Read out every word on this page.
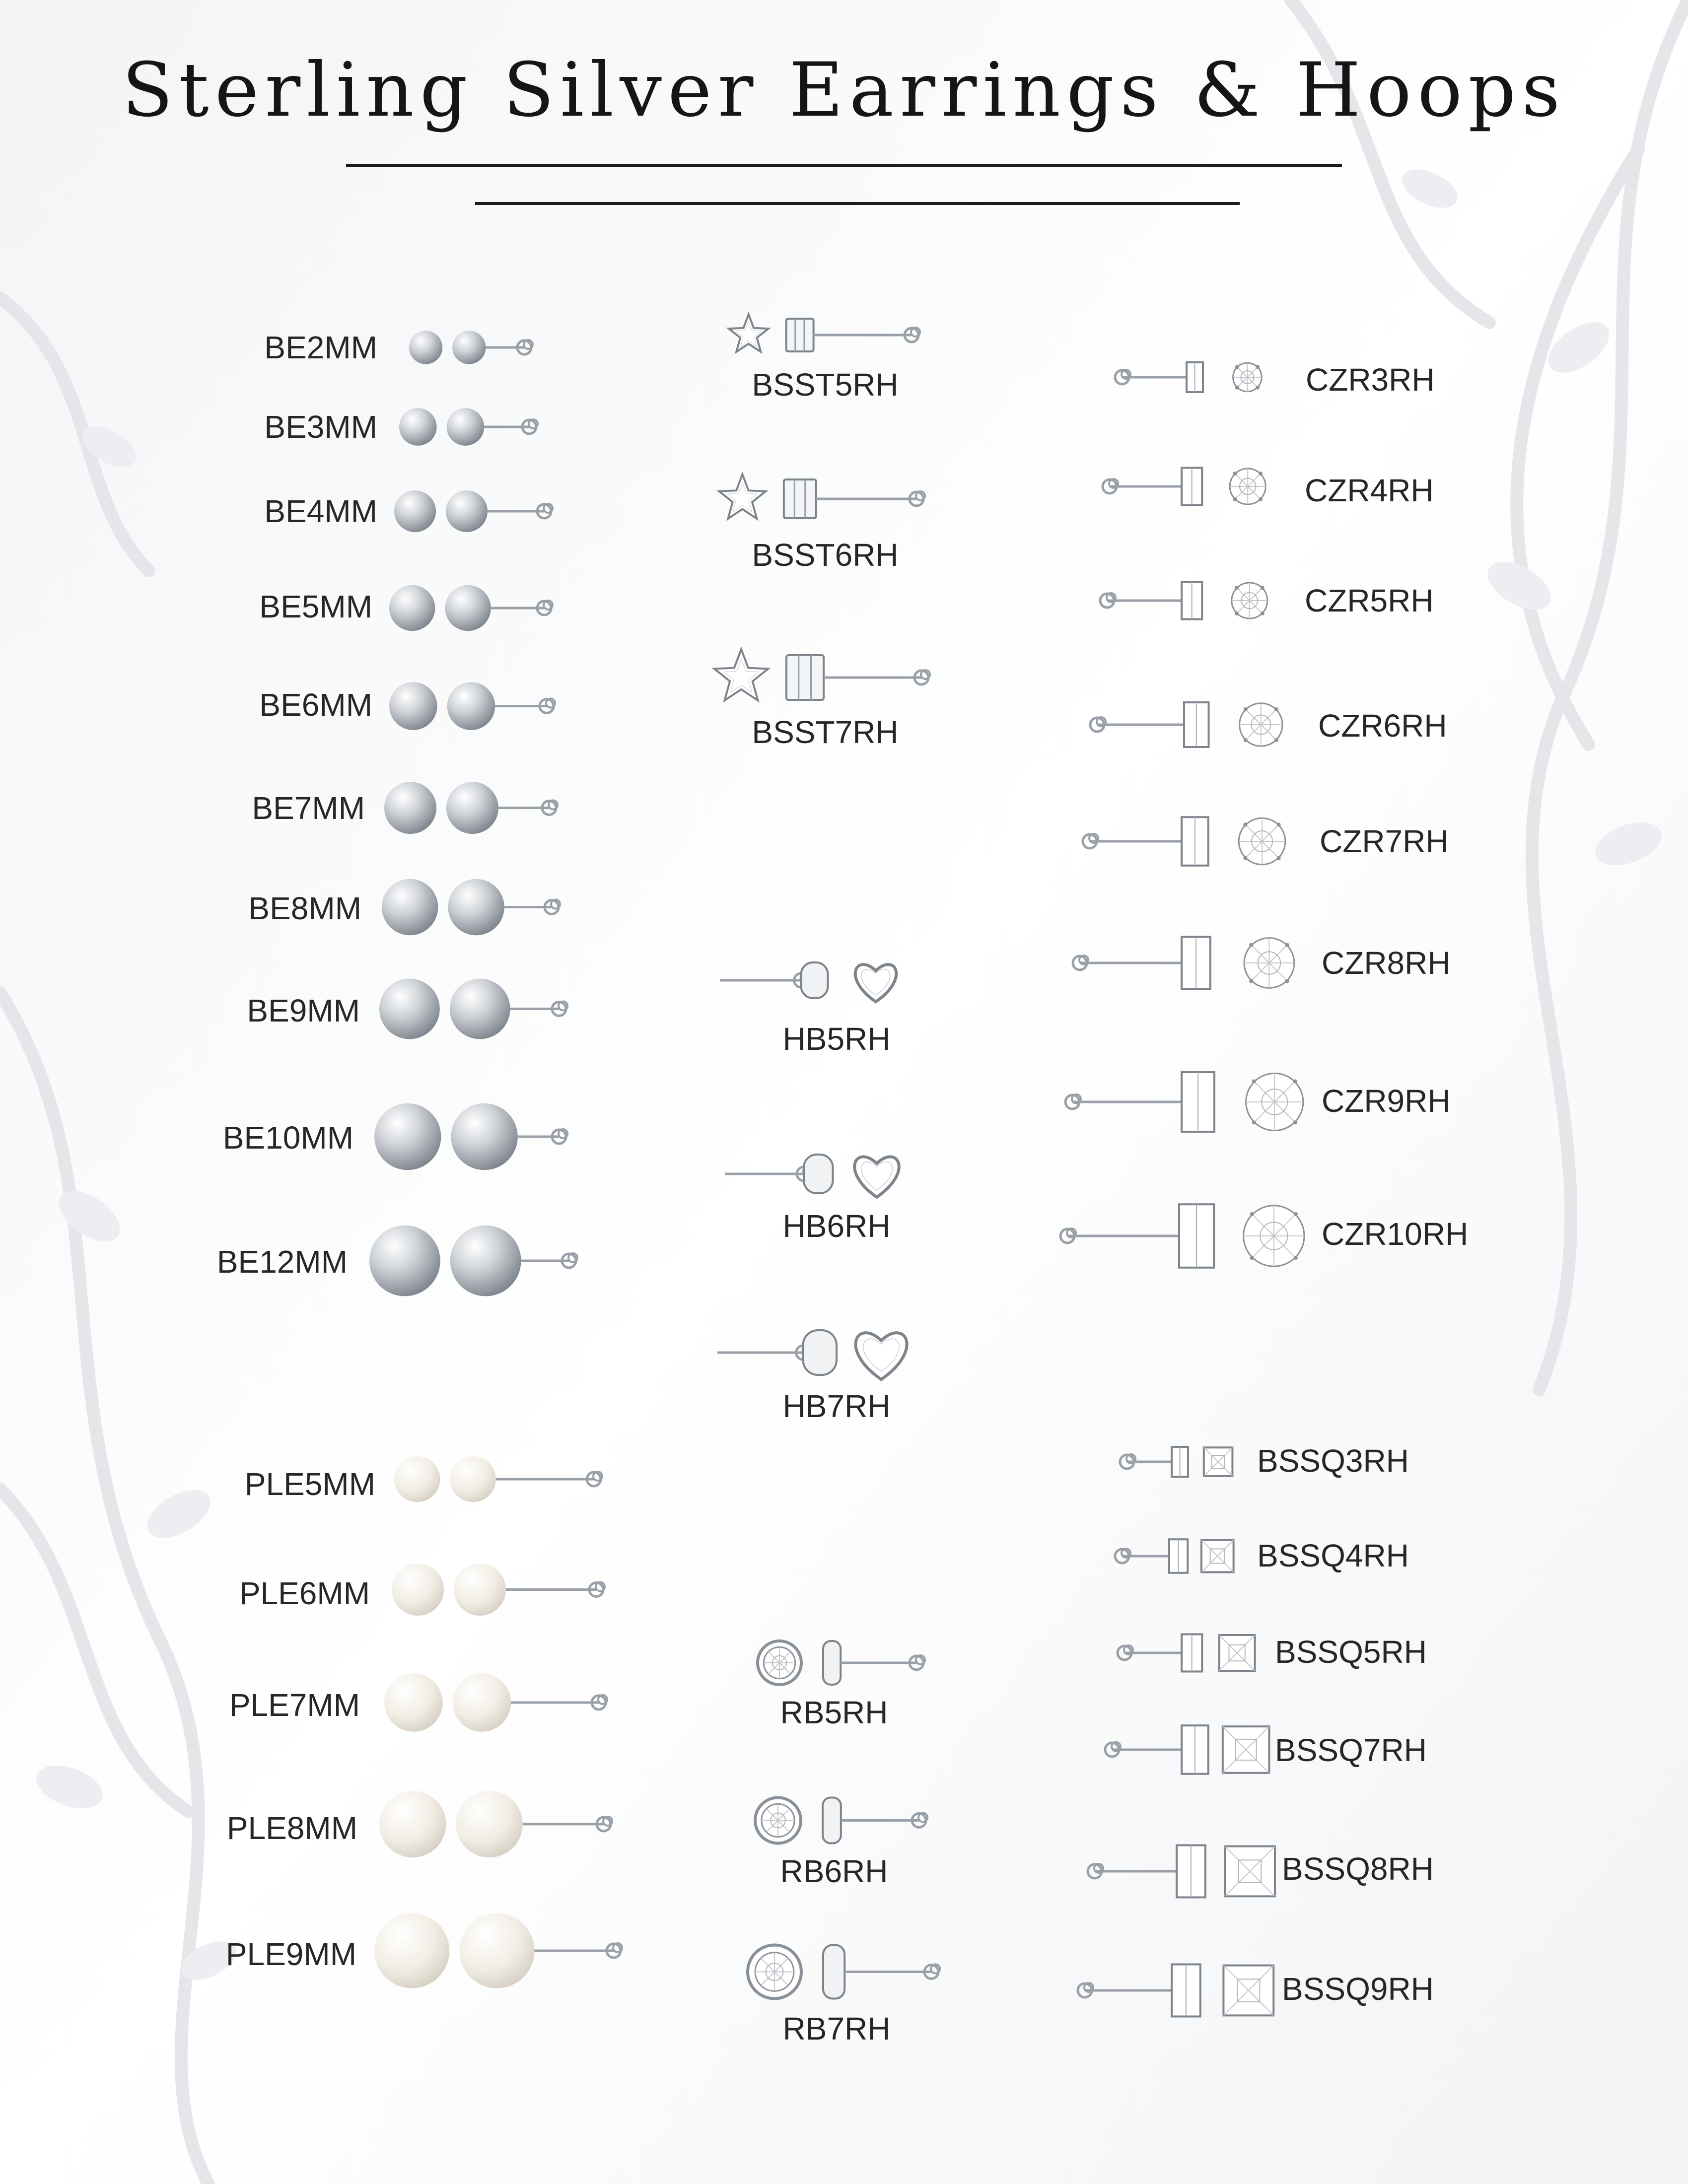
Sterling Silver Earrings & Hoops
BE2MM
BE3MM
BE4MM
BE5MM
BE6MM
BE7MM
BE8MM
BE9MM
BE10MM
BE12MM
PLE5MM
PLE6MM
PLE7MM
PLE8MM
PLE9MM
BSST5RH
BSST6RH
BSST7RH
HB5RH
HB6RH
HB7RH
RB5RH
RB6RH
RB7RH
CZR3RH
CZR4RH
CZR5RH
CZR6RH
CZR7RH
CZR8RH
CZR9RH
CZR10RH
BSSQ3RH
BSSQ4RH
BSSQ5RH
BSSQ7RH
BSSQ8RH
BSSQ9RH
